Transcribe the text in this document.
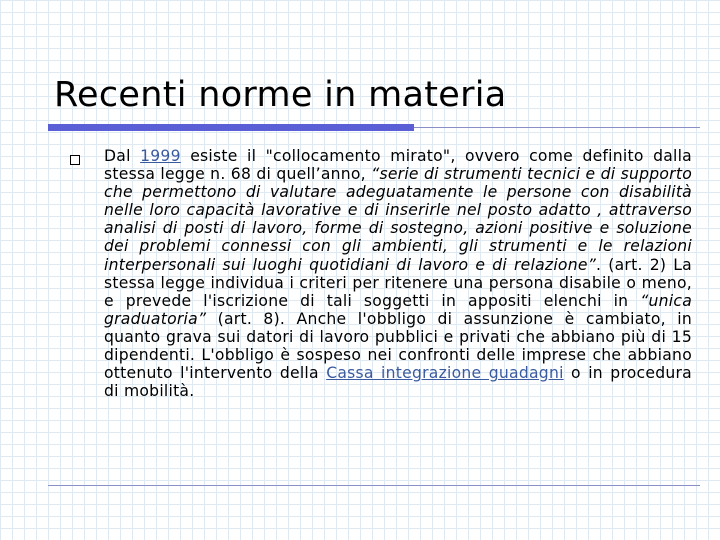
Recenti norme in materia

Dal 1999 esiste il "collocamento mirato", ovvero come definito dalla stessa legge n. 68 di quell’anno, “serie di strumenti tecnici e di supporto che permettono di valutare adeguatamente le persone con disabilità nelle loro capacità lavorative e di inserirle nel posto adatto , attraverso analisi di posti di lavoro, forme di sostegno, azioni positive e soluzione dei problemi connessi con gli ambienti, gli strumenti e le relazioni interpersonali sui luoghi quotidiani di lavoro e di relazione”. (art. 2) La stessa legge individua i criteri per ritenere una persona disabile o meno, e prevede l'iscrizione di tali soggetti in appositi elenchi in “unica graduatoria” (art. 8). Anche l'obbligo di assunzione è cambiato, in quanto grava sui datori di lavoro pubblici e privati che abbiano più di 15 dipendenti. L'obbligo è sospeso nei confronti delle imprese che abbiano ottenuto l'intervento della Cassa integrazione guadagni o in procedura di mobilità.
